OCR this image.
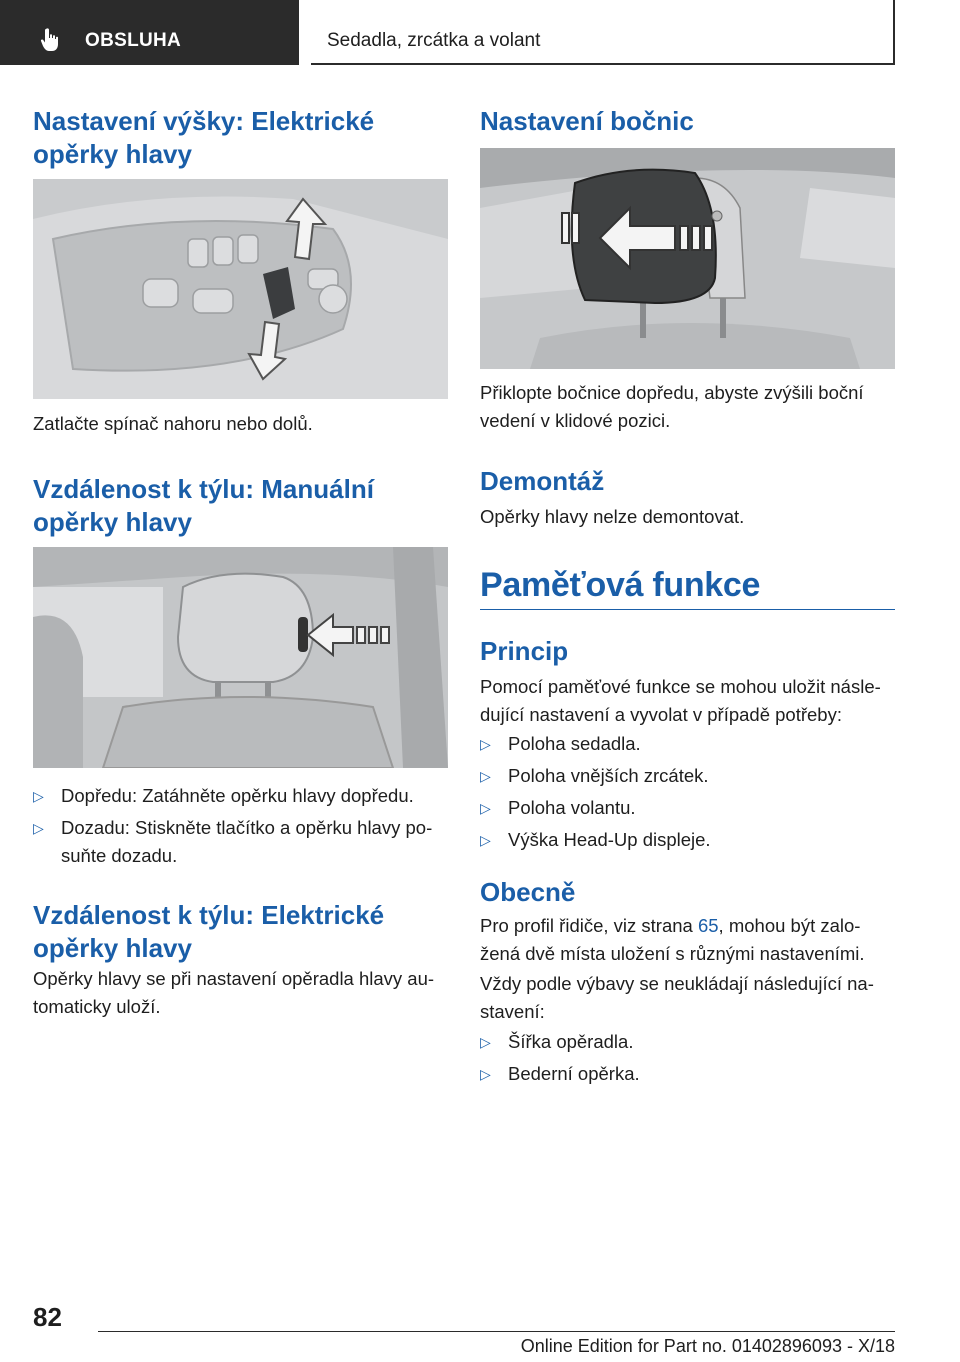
OBSLUHA	Sedadla, zrcátka a volant
Nastavení výšky: Elektrické opěrky hlavy

Zatlačte spínač nahoru nebo dolů.

Vzdálenost k týlu: Manuální opěrky hlavy
▷ Dopředu: Zatáhněte opěrku hlavy dopředu.
▷ Dozadu: Stiskněte tlačítko a opěrku hlavy po-suňte dozadu.
Vzdálenost k týlu: Elektrické opěrky hlavy

Opěrky hlavy se při nastavení opěradla hlavy au-tomaticky uloží.

Nastavení bočnic

Přiklopte bočnice dopředu, abyste zvýšili boční vedení v klidové pozici.

Demontáž

Opěrky hlavy nelze demontovat.

Paměťová funkce
Princip

Pomocí paměťové funkce se mohou uložit násle-dující nastavení a vyvolat v případě potřeby:

▷ Poloha sedadla.
▷ Poloha vnějších zrcátek.
▷ Poloha volantu.
▷ Výška Head-Up displeje.
Obecně

Pro profil řidiče, viz strana 65, mohou být zalo-žená dvě místa uložení s různými nastaveními.

Vždy podle výbavy se neukládají následující na-stavení:

▷ Šířka opěradla.
▷ Bederní opěrka.
82
Online Edition for Part no. 01402896093 - X/18
